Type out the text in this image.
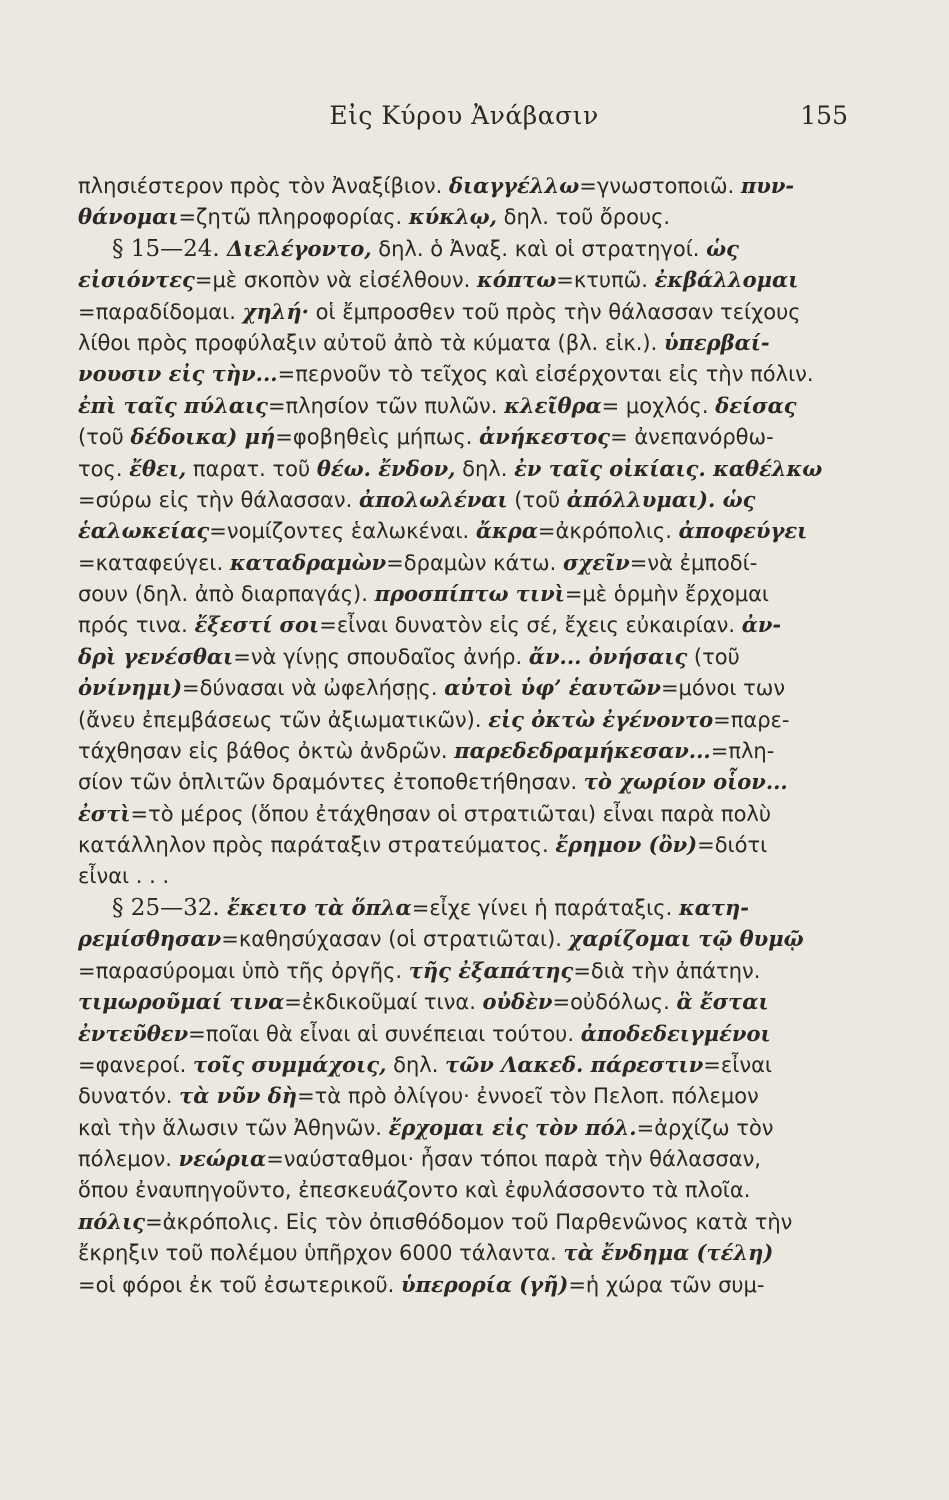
Εἰς Κύρου Ἀνάβασιν	155
πλησιέστερον πρὸς τὸν Ἀναξίβιον. διαγγέλλω=γνωστοποιῶ. πυν-
θάνομαι=ζητῶ πληροφορίας. κύκλῳ, δηλ. τοῦ ὄρους.
§ 15—24. Διελέγοντο, δηλ. ὁ Ἀναξ. καὶ οἱ στρατηγοί. ὡς
εἰσιόντες=μὲ σκοπὸν νὰ εἰσέλθουν. κόπτω=κτυπῶ. ἐκβάλλομαι
=παραδίδομαι. χηλή· οἱ ἔμπροσθεν τοῦ πρὸς τὴν θάλασσαν τείχους
λίθοι πρὸς προφύλαξιν αὐτοῦ ἀπὸ τὰ κύματα (βλ. εἰκ.). ὑπερβαί-
νουσιν εἰς τὴν...=περνοῦν τὸ τεῖχος καὶ εἰσέρχονται εἰς τὴν πόλιν.
ἐπὶ ταῖς πύλαις=πλησίον τῶν πυλῶν. κλεῖθρα= μοχλός. δείσας
(τοῦ δέδοικα) μή=φοβηθεὶς μήπως. ἀνήκεστος= ἀνεπανόρθω-
τος. ἔθει, παρατ. τοῦ θέω. ἔνδον, δηλ. ἐν ταῖς οἰκίαις. καθέλκω
=σύρω εἰς τὴν θάλασσαν. ἀπολωλέναι (τοῦ ἀπόλλυμαι). ὡς
ἑαλωκείας=νομίζοντες ἑαλωκέναι. ἄκρα=ἀκρόπολις. ἀποφεύγει
=καταφεύγει. καταδραμὼν=δραμὼν κάτω. σχεῖν=νὰ ἐμποδί-
σουν (δηλ. ἀπὸ διαρπαγάς). προσπίπτω τινὶ=μὲ ὁρμὴν ἔρχομαι
πρός τινα. ἔξεστί σοι=εἶναι δυνατὸν εἰς σέ, ἔχεις εὐκαιρίαν. ἀν-
δρὶ γενέσθαι=νὰ γίνῃς σπουδαῖος ἀνήρ. ἄν... ὀνήσαις (τοῦ
ὀνίνημι)=δύνασαι νὰ ὠφελήσῃς. αὐτοὶ ὑφ’ ἑαυτῶν=μόνοι των
(ἄνευ ἐπεμβάσεως τῶν ἀξιωματικῶν). εἰς ὀκτὼ ἐγένοντο=παρε-
τάχθησαν εἰς βάθος ὀκτὼ ἀνδρῶν. παρεδεδραμήκεσαν...=πλη-
σίον τῶν ὁπλιτῶν δραμόντες ἐτοποθετήθησαν. τὸ χωρίον οἷον...
ἐστὶ=τὸ μέρος (ὅπου ἐτάχθησαν οἱ στρατιῶται) εἶναι παρὰ πολὺ
κατάλληλον πρὸς παράταξιν στρατεύματος. ἔρημον (ὂν)=διότι
εἶναι . . .
§ 25—32. ἔκειτο τὰ ὅπλα=εἶχε γίνει ἡ παράταξις. κατη-
ρεμίσθησαν=καθησύχασαν (οἱ στρατιῶται). χαρίζομαι τῷ θυμῷ
=παρασύρομαι ὑπὸ τῆς ὀργῆς. τῆς ἐξαπάτης=διὰ τὴν ἀπάτην.
τιμωροῦμαί τινα=ἐκδικοῦμαί τινα. οὐδὲν=οὐδόλως. ἃ ἔσται
ἐντεῦθεν=ποῖαι θὰ εἶναι αἱ συνέπειαι τούτου. ἀποδεδειγμένοι
=φανεροί. τοῖς συμμάχοις, δηλ. τῶν Λακεδ. πάρεστιν=εἶναι
δυνατόν. τὰ νῦν δὴ=τὰ πρὸ ὀλίγου· ἐννοεῖ τὸν Πελοπ. πόλεμον
καὶ τὴν ἅλωσιν τῶν Ἀθηνῶν. ἔρχομαι εἰς τὸν πόλ.=ἀρχίζω τὸν
πόλεμον. νεώρια=ναύσταθμοι· ἦσαν τόποι παρὰ τὴν θάλασσαν,
ὅπου ἐναυπηγοῦντο, ἐπεσκευάζοντο καὶ ἐφυλάσσοντο τὰ πλοῖα.
πόλις=ἀκρόπολις. Εἰς τὸν ὀπισθόδομον τοῦ Παρθενῶνος κατὰ τὴν
ἔκρηξιν τοῦ πολέμου ὑπῆρχον 6000 τάλαντα. τὰ ἔνδημα (τέλη)
=οἱ φόροι ἐκ τοῦ ἐσωτερικοῦ. ὑπερορία (γῆ)=ἡ χώρα τῶν συμ-
